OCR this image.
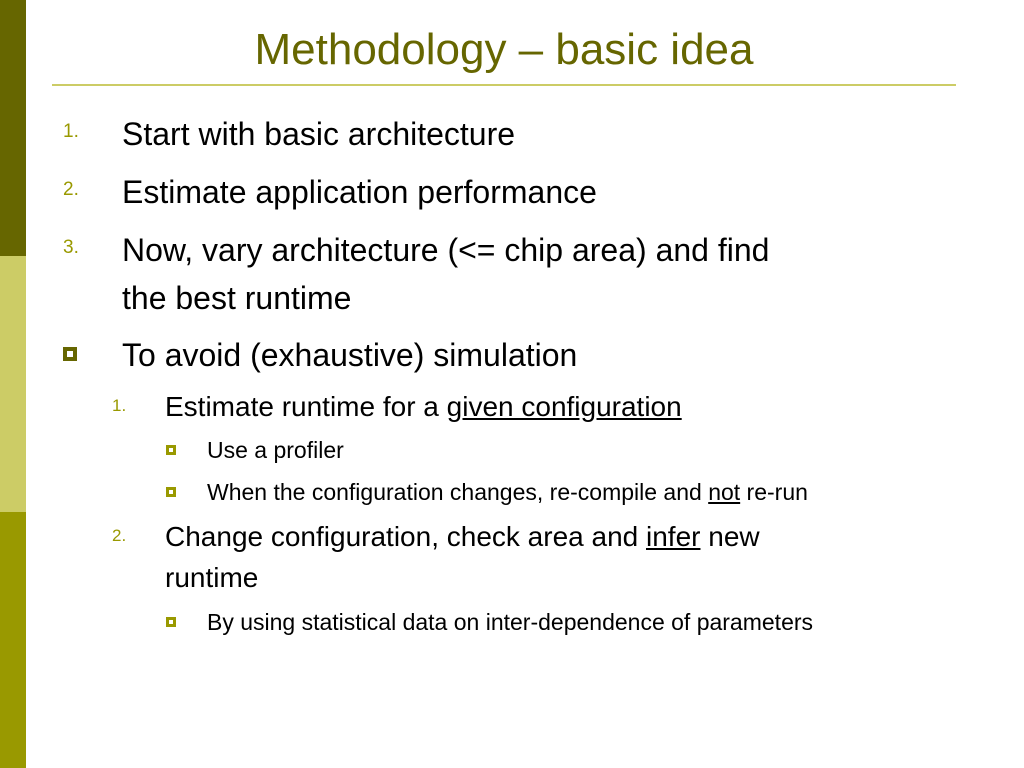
Methodology – basic idea
1. Start with basic architecture
2. Estimate application performance
3. Now, vary architecture (<= chip area) and find
the best runtime
To avoid (exhaustive) simulation
1. Estimate runtime for a given configuration
Use a profiler
When the configuration changes, re-compile and not re-run
2. Change configuration, check area and infer new
runtime
By using statistical data on inter-dependence of parameters
